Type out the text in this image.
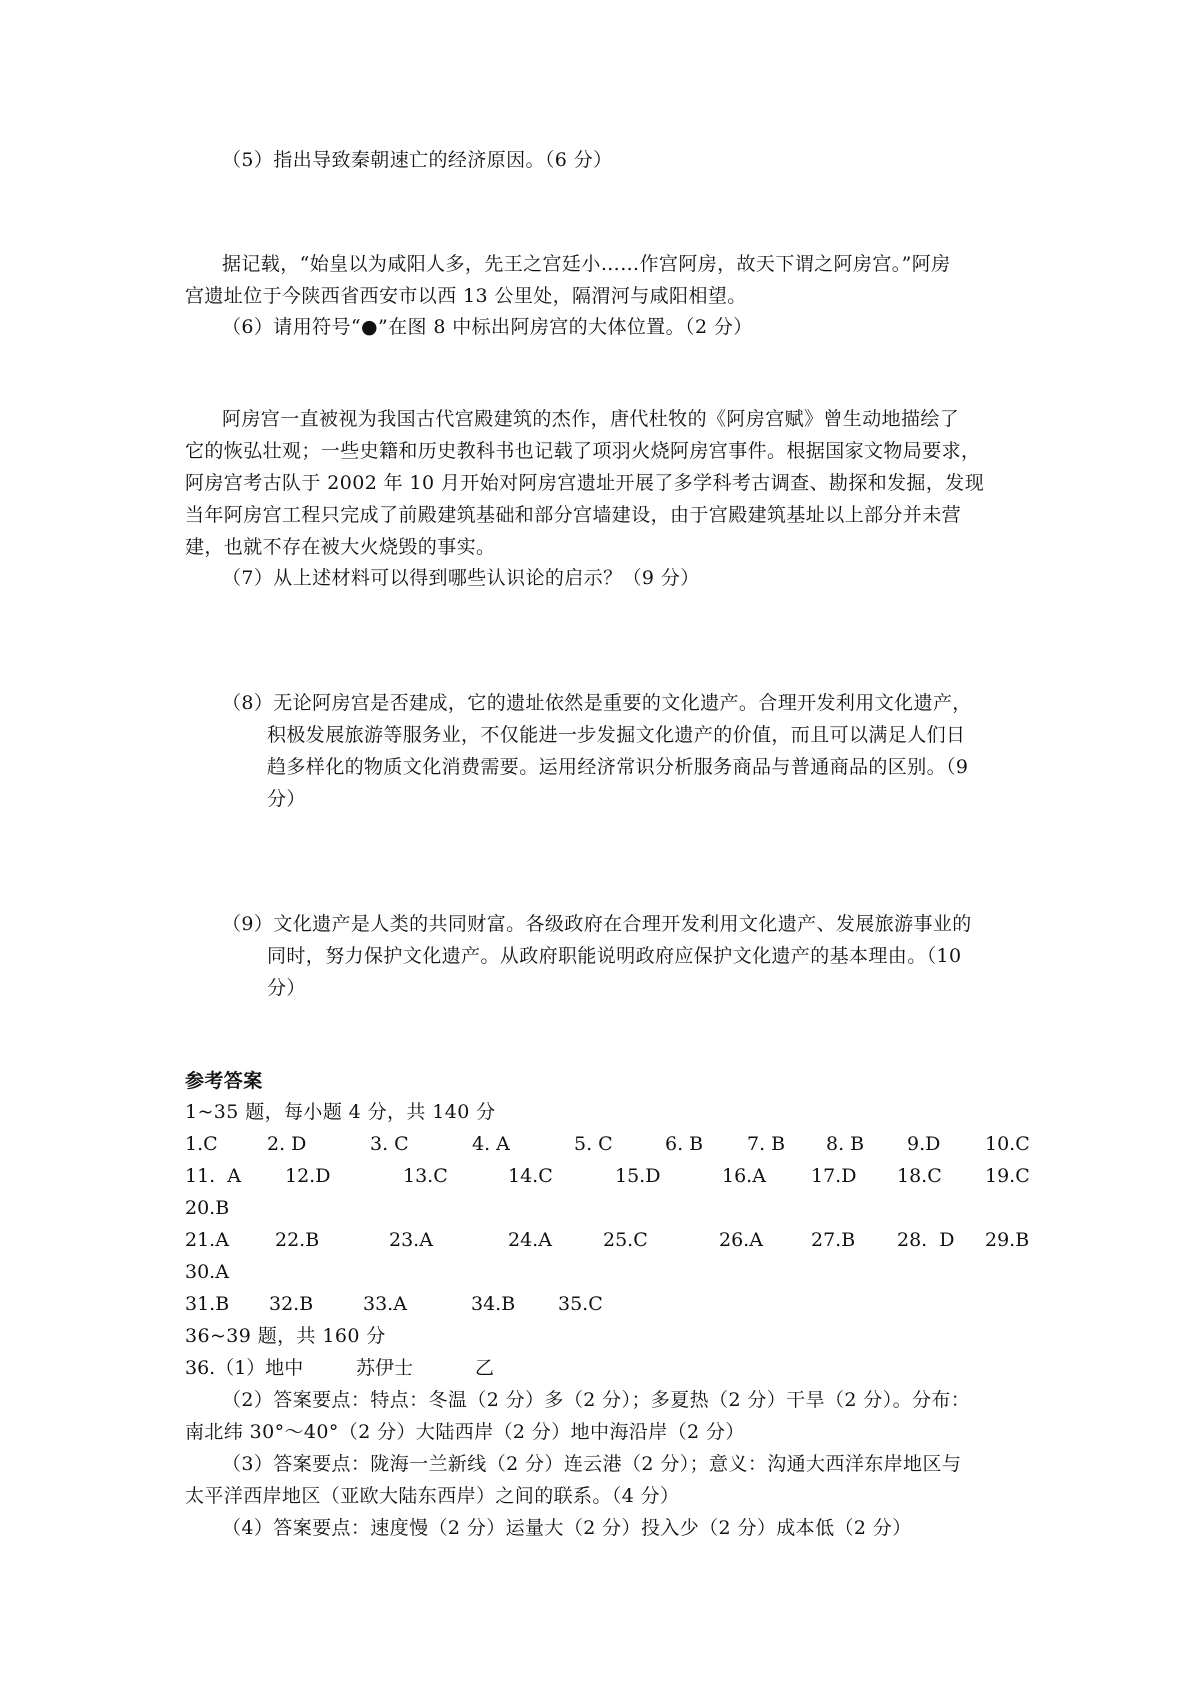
（5）指出导致秦朝速亡的经济原因。（6 分）
据记载，“始皇以为咸阳人多，先王之宫廷小……作宫阿房，故天下谓之阿房宫。”阿房
宫遗址位于今陕西省西安市以西 13 公里处，隔渭河与咸阳相望。
（6）请用符号“●”在图 8 中标出阿房宫的大体位置。（2 分）
阿房宫一直被视为我国古代宫殿建筑的杰作，唐代杜牧的《阿房宫赋》曾生动地描绘了
它的恢弘壮观；一些史籍和历史教科书也记载了项羽火烧阿房宫事件。根据国家文物局要求，
阿房宫考古队于 2002 年 10 月开始对阿房宫遗址开展了多学科考古调查、勘探和发掘，发现
当年阿房宫工程只完成了前殿建筑基础和部分宫墙建设，由于宫殿建筑基址以上部分并未营
建，也就不存在被大火烧毁的事实。
（7）从上述材料可以得到哪些认识论的启示？（9 分）
（8）无论阿房宫是否建成，它的遗址依然是重要的文化遗产。合理开发利用文化遗产，
积极发展旅游等服务业，不仅能进一步发掘文化遗产的价值，而且可以满足人们日
趋多样化的物质文化消费需要。运用经济常识分析服务商品与普通商品的区别。（9
分）
（9）文化遗产是人类的共同财富。各级政府在合理开发利用文化遗产、发展旅游事业的
同时，努力保护文化遗产。从政府职能说明政府应保护文化遗产的基本理由。（10
分）
参考答案
1~35 题，每小题 4 分，共 140 分
1.C	2. D	3. C	4. A	5. C	6. B 7. B 8. B 9.D 10.C
11.  A 12.D	13.C	14.C	15.D	16.A 17.D 18.C 19.C
20.B
21.A 22.B	23.A	24.A	25.C	26.A	27.B 28.  D 29.B
30.A
31.B 32.B	33.A	34.B 35.C
36~39 题，共 160 分
36.（1）地中	苏伊士	乙
（2）答案要点：特点：冬温（2 分）多（2 分）；多夏热（2 分）干旱（2 分）。分布：
南北纬 30°～40°（2 分）大陆西岸（2 分）地中海沿岸（2 分）
（3）答案要点：陇海一兰新线（2 分）连云港（2 分）；意义：沟通大西洋东岸地区与
太平洋西岸地区（亚欧大陆东西岸）之间的联系。（4 分）
（4）答案要点：速度慢（2 分）运量大（2 分）投入少（2 分）成本低（2 分）
